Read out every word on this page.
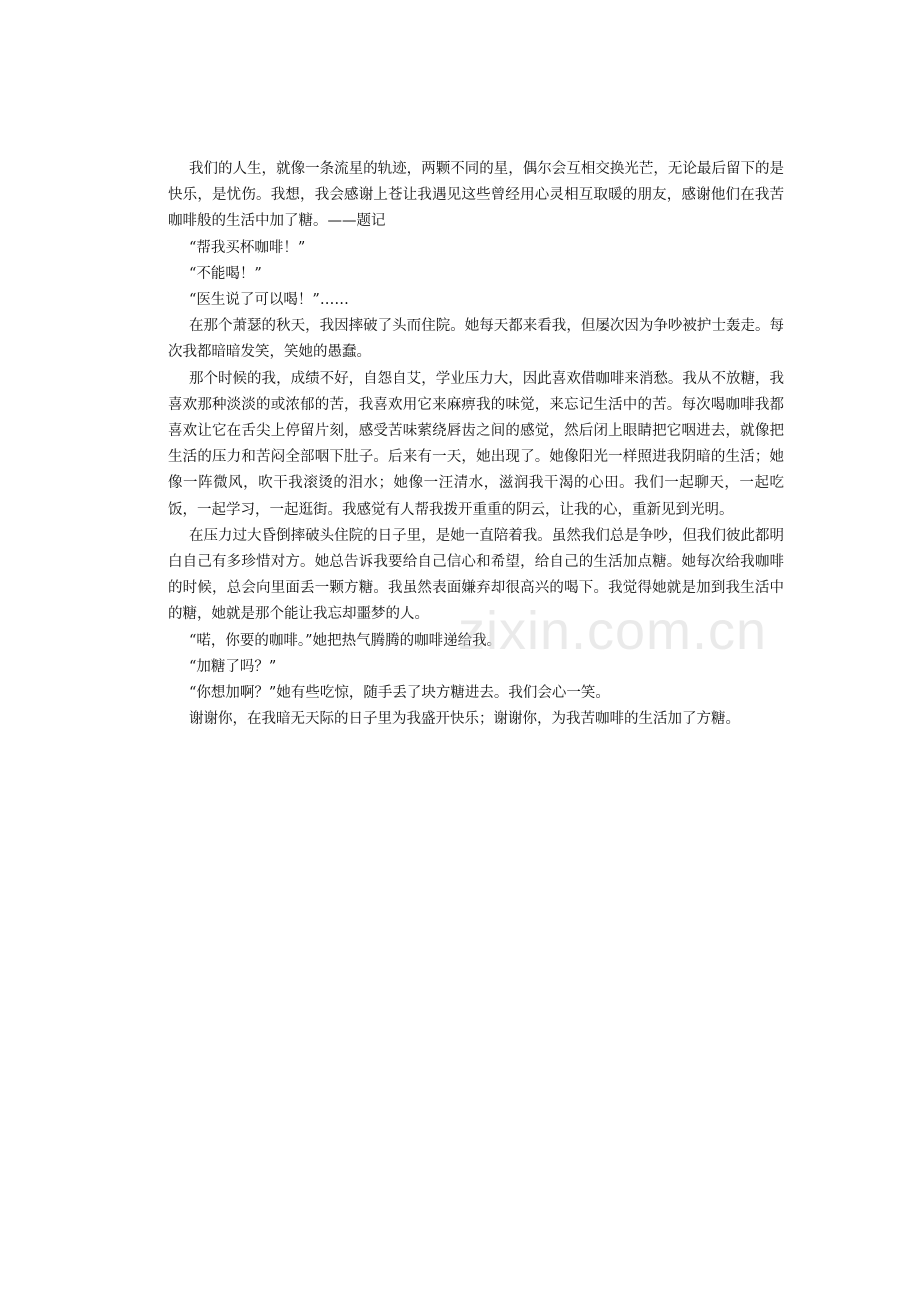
我们的人生，就像一条流星的轨迹，两颗不同的星，偶尔会互相交换光芒，无论最后留下的是快乐，是忧伤。我想，我会感谢上苍让我遇见这些曾经用心灵相互取暖的朋友，感谢他们在我苦咖啡般的生活中加了糖。——题记

“帮我买杯咖啡！”

“不能喝！”

“医生说了可以喝！”……

在那个萧瑟的秋天，我因摔破了头而住院。她每天都来看我，但屡次因为争吵被护士轰走。每次我都暗暗发笑，笑她的愚蠢。

那个时候的我，成绩不好，自怨自艾，学业压力大，因此喜欢借咖啡来消愁。我从不放糖，我喜欢那种淡淡的或浓郁的苦，我喜欢用它来麻痹我的味觉，来忘记生活中的苦。每次喝咖啡我都喜欢让它在舌尖上停留片刻，感受苦味萦绕唇齿之间的感觉，然后闭上眼睛把它咽进去，就像把生活的压力和苦闷全部咽下肚子。后来有一天，她出现了。她像阳光一样照进我阴暗的生活；她像一阵微风，吹干我滚烫的泪水；她像一汪清水，滋润我干渴的心田。我们一起聊天，一起吃饭，一起学习，一起逛街。我感觉有人帮我拨开重重的阴云，让我的心，重新见到光明。

在压力过大昏倒摔破头住院的日子里，是她一直陪着我。虽然我们总是争吵，但我们彼此都明白自己有多珍惜对方。她总告诉我要给自己信心和希望，给自己的生活加点糖。她每次给我咖啡的时候，总会向里面丢一颗方糖。我虽然表面嫌弃却很高兴的喝下。我觉得她就是加到我生活中的糖，她就是那个能让我忘却噩梦的人。

“喏，你要的咖啡。”她把热气腾腾的咖啡递给我。

“加糖了吗？”

“你想加啊？”她有些吃惊，随手丢了块方糖进去。我们会心一笑。

谢谢你，在我暗无天际的日子里为我盛开快乐；谢谢你，为我苦咖啡的生活加了方糖。

zixin.com.cn
